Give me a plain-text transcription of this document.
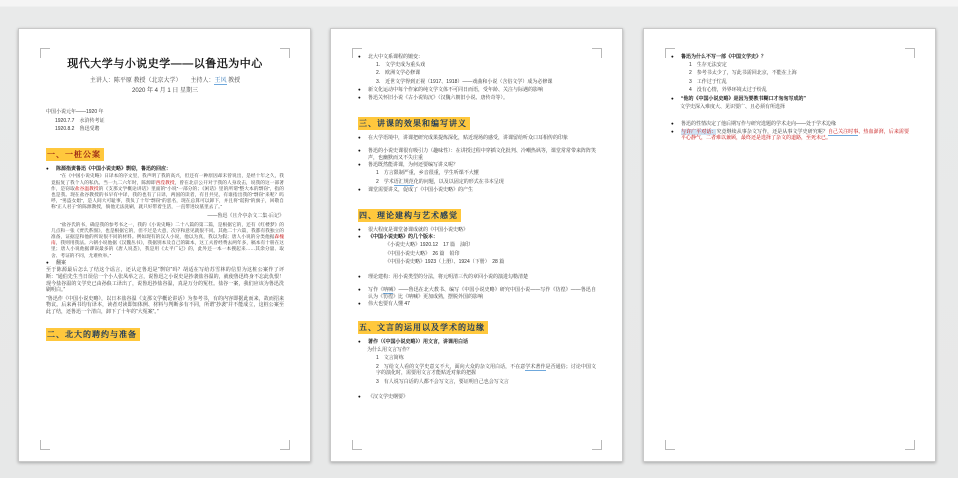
现代大学与小说史学——以鲁迅为中心
主讲人：陈平原 教授（北京大学）　　主持人：王风 教授
2020 年 4 月 1 日 星期三
中国小说元年——1920 年
1920.7.7　水浒传考证
1920.8.2　鲁迅受聘
一、一桩公案
●	陈源指责鲁迅《中国小说史略》剽窃，鲁迅的回应：
“在《中国小说史略》日译本的序文里，我声明了我的高兴，但还有一种原因却未曾说出，是经十年之久，我竟报复了我个人的私仇。当一九二六年时，陈源即西滢教授，曾在北京公开对于我的人身攻击，说我的这一部著作，是窃取盐谷温教授的《支那文学概论讲话》里面的“小说”一部分的；《闲话》里的所谓“整大本的剽窃”，指的也是我。现在盐谷教授的书早有中译，我的也有了日译，两国的读者，有目共见，有谁指出我的“剽窃”来呢？呜呼，“男盗女娼”，是人间大可耻事，我负了十年“剽窃”的恶名，现在总算可以卸下，并且将“谎狗”的旗子，回敬自称“正人君子”的陈源教授，倘他无法洗刷，就只好带着生活，一直带进坟墓里去了。”
——鲁迅《且介亭杂文二集·后记》
“盐谷氏的书，确是我的参考书之一，我的《小说史略》二十八篇的第二篇，是根据它的，还有《红楼梦》的几点和一张《贾氏系图》，也是根据它的，但不过是大意，次序和意见就很不同。其他二十六篇，我都有我独立的准备，证据是和他的所说很不同的材料。例如现有的汉人小说，他以为真，我以为假；唐人小说的分类他据森槐南，我则用我法。六朝小说他据《汉魏丛书》，我据别本及自己的辑本，这工夫曾经费去两年多，稿本有十册在这里；唐人小说他据谬误最多的《唐人说荟》，我是用《太平广记》的，此外还一本一本搜起来……其余分量、取舍、考证的不同，尤难枚举。”
●	翻案
至于陈源最后怎么了结这个谣言，还认定鲁迅是“剽窃”吗？胡适在写给苏雪林的信里为这桩公案作了评断：“通伯先生当日误信一个小人张凤举之言，说鲁迅之小说史是抄袭盐谷温的，就使鲁迅终身不忘此仇恨！现今盐谷温的文学史已由孙俍工译出了，说鲁迅抄盐谷温，真是万分的冤枉。盐谷一案，我们应该为鲁迅洗刷明白。”
“鲁迅作《中国小说史略》，以日本盐谷温《支那文学概论讲话》为参考书，有的内容即据此而来，故而招来物议。后来两书均有译本，读者对读即知体例、材料与判断多有不同，所谓“抄袭”并不能成立，这桩公案至此了结，还鲁迅一个清白，卸下了十年的“大冤案”。”
二、北大的聘约与准备
●	北大中文系课程的嬗变：
1.　文学史成为重头戏
2.　欧洲文学必修课
3.　近世文学得到正视（1917、1918）——戏曲和小说（含俗文学）成为必修课
●	新文化运动中每个作家的纯文学文体不可同日而语，受年龄、关注与际遇的影响
●	鲁迅关怀旧小说《古小说钩沉》（汉魏六朝旧小说、唐传奇等）。
三、讲课的效果和编写讲义
●	在大学语境中，讲课把研究成果提炼深化，贴近现场的感受，讲课留给听众口耳相传的印象
●	鲁迅的小说史课很有吸引力（趣味性）：在讲授过程中穿插文化批判、冷嘲热讽等，课堂常常带来阵阵笑声，也幽默而又不失庄重
●	鲁迅既然能讲课，为何还要编写讲义呢？
1　方言限制严重，乡音很重，学生听课不大懂
2　学术语汇规范化的问题，以及以固定的形式在书本呈现
●	课堂需要讲义，促成了《中国小说史略》的产生
四、理论建构与艺术感觉
●	很大程度是课堂备课成就的《中国小说史略》
●	《中国小说史略》的几个版本：
《小说史大略》1920.12　17 篇　油印
《中国小说史大略》　26 篇　铅印
《中国小说史略》1923（上册）、1924（下册）　28 篇
●	理论建构：用小说类型的分法，将元明清三代的章回小说的演进勾勒清楚
●	写作《呐喊》——鲁迅在北大教书、编写《中国小说史略》研究中国小说——写作《彷徨》——鲁迅自认为《彷徨》比《呐喊》更加成熟，摆脱外国的影响
●	伟大也要有人懂 47
五、文言的运用以及学术的边缘
●	著作（《中国小说史略》）用文言，讲课用白话
为什么用文言写作？
1　文言简练
2　写给文人看的文学史意义不大，面向大众的杂文用白话，不在意学术著作是否通俗；讨论中国文字的演化时，需要用文言才能贴近对象的把握
3　有人说写白话的人都不会写文言，要证明自己也会写文言
●	《汉文学史纲要》
●	鲁迅为什么不写一部《中国文学史》？
1　生存无法安定
2　参考书太少了，写此书需回北京，不能在上海
3　工作过于忙乱
4　没有心情，外界环境太过于纷乱
●	“他的《中国小说史略》是因为要教书糊口才匆匆写成的”
文学史深入难度大、见识要广、且必须有所选择
●	鲁迅的性情决定了他后期写作与研究选题的学术走向——处于学术边缘
●	与许广平对话：究竟继续从事杂文写作，还是从事文学史研究呢？自己关注时事、热血澎湃，后来需要平心静气，二者难以兼顾，最终还是选择了杂文的道路，至死未已。
